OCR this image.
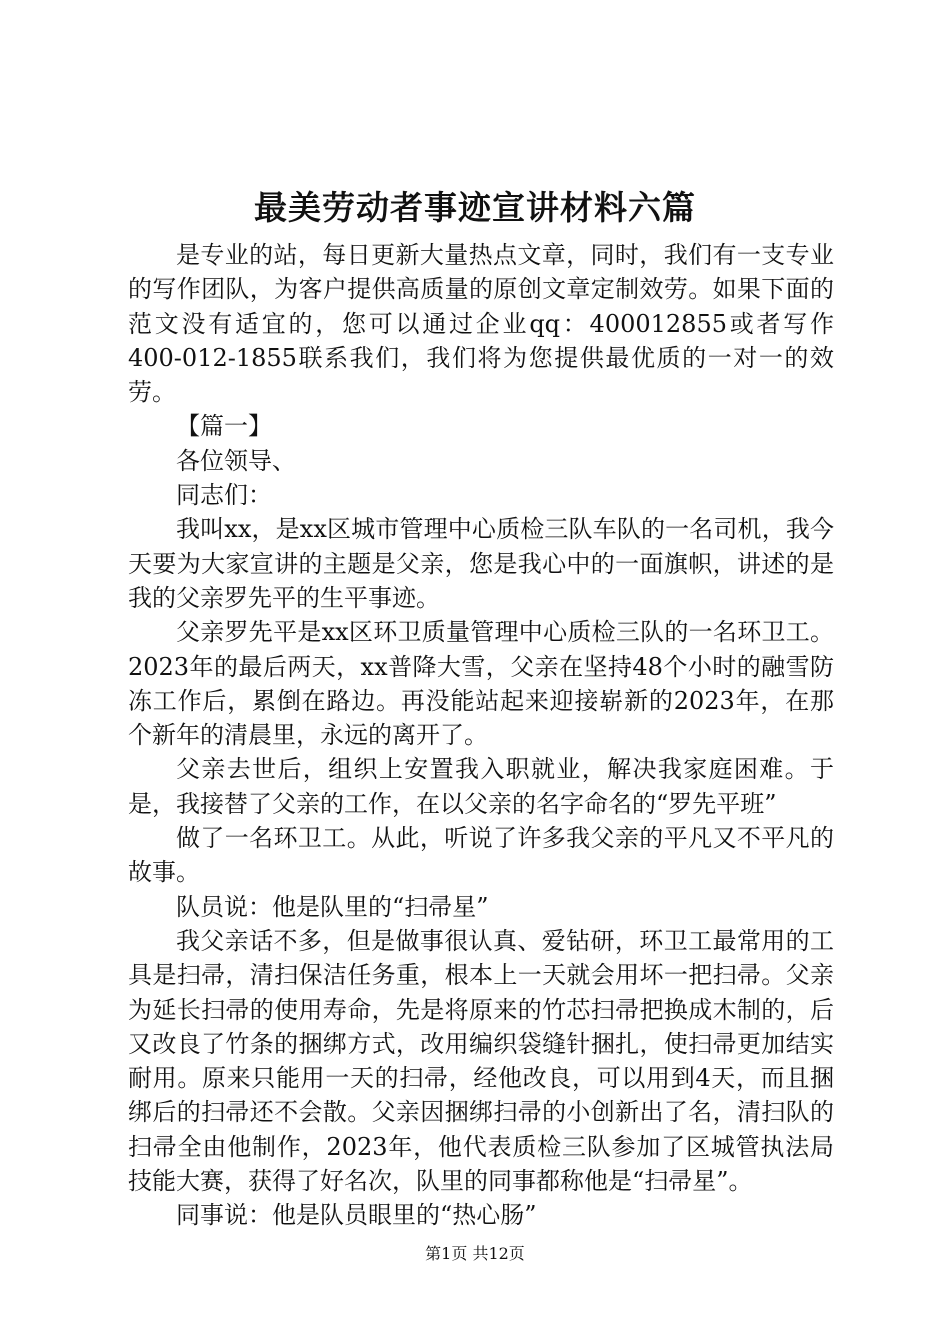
最美劳动者事迹宣讲材料六篇

是专业的站，每日更新大量热点文章，同时，我们有一支专业的写作团队，为客户提供高质量的原创文章定制效劳。如果下面的范文没有适宜的，您可以通过企业qq：400012855或者写作　 400-012-1855联系我们，我们将为您提供最优质的一对一的效劳。

【篇一】

各位领导、

同志们：

我叫xx，是xx区城市管理中心质检三队车队的一名司机，我今天要为大家宣讲的主题是父亲，您是我心中的一面旗帜，讲述的是我的父亲罗先平的生平事迹。

父亲罗先平是xx区环卫质量管理中心质检三队的一名环卫工。2023年的最后两天，xx普降大雪，父亲在坚持48个小时的融雪防冻工作后，累倒在路边。再没能站起来迎接崭新的2023年，在那个新年的清晨里，永远的离开了。

父亲去世后，组织上安置我入职就业，解决我家庭困难。于是，我接替了父亲的工作，在以父亲的名字命名的“罗先平班”

做了一名环卫工。从此，听说了许多我父亲的平凡又不平凡的故事。

队员说：他是队里的“扫帚星”

我父亲话不多，但是做事很认真、爱钻研，环卫工最常用的工具是扫帚，清扫保洁任务重，根本上一天就会用坏一把扫帚。父亲为延长扫帚的使用寿命，先是将原来的竹芯扫帚把换成木制的，后又改良了竹条的捆绑方式，改用编织袋缝针捆扎，使扫帚更加结实耐用。原来只能用一天的扫帚，经他改良，可以用到4天，而且捆绑后的扫帚还不会散。父亲因捆绑扫帚的小创新出了名，清扫队的扫帚全由他制作，2023年，他代表质检三队参加了区城管执法局技能大赛，获得了好名次，队里的同事都称他是“扫帚星”。

同事说：他是队员眼里的“热心肠”

第1页 共12页
